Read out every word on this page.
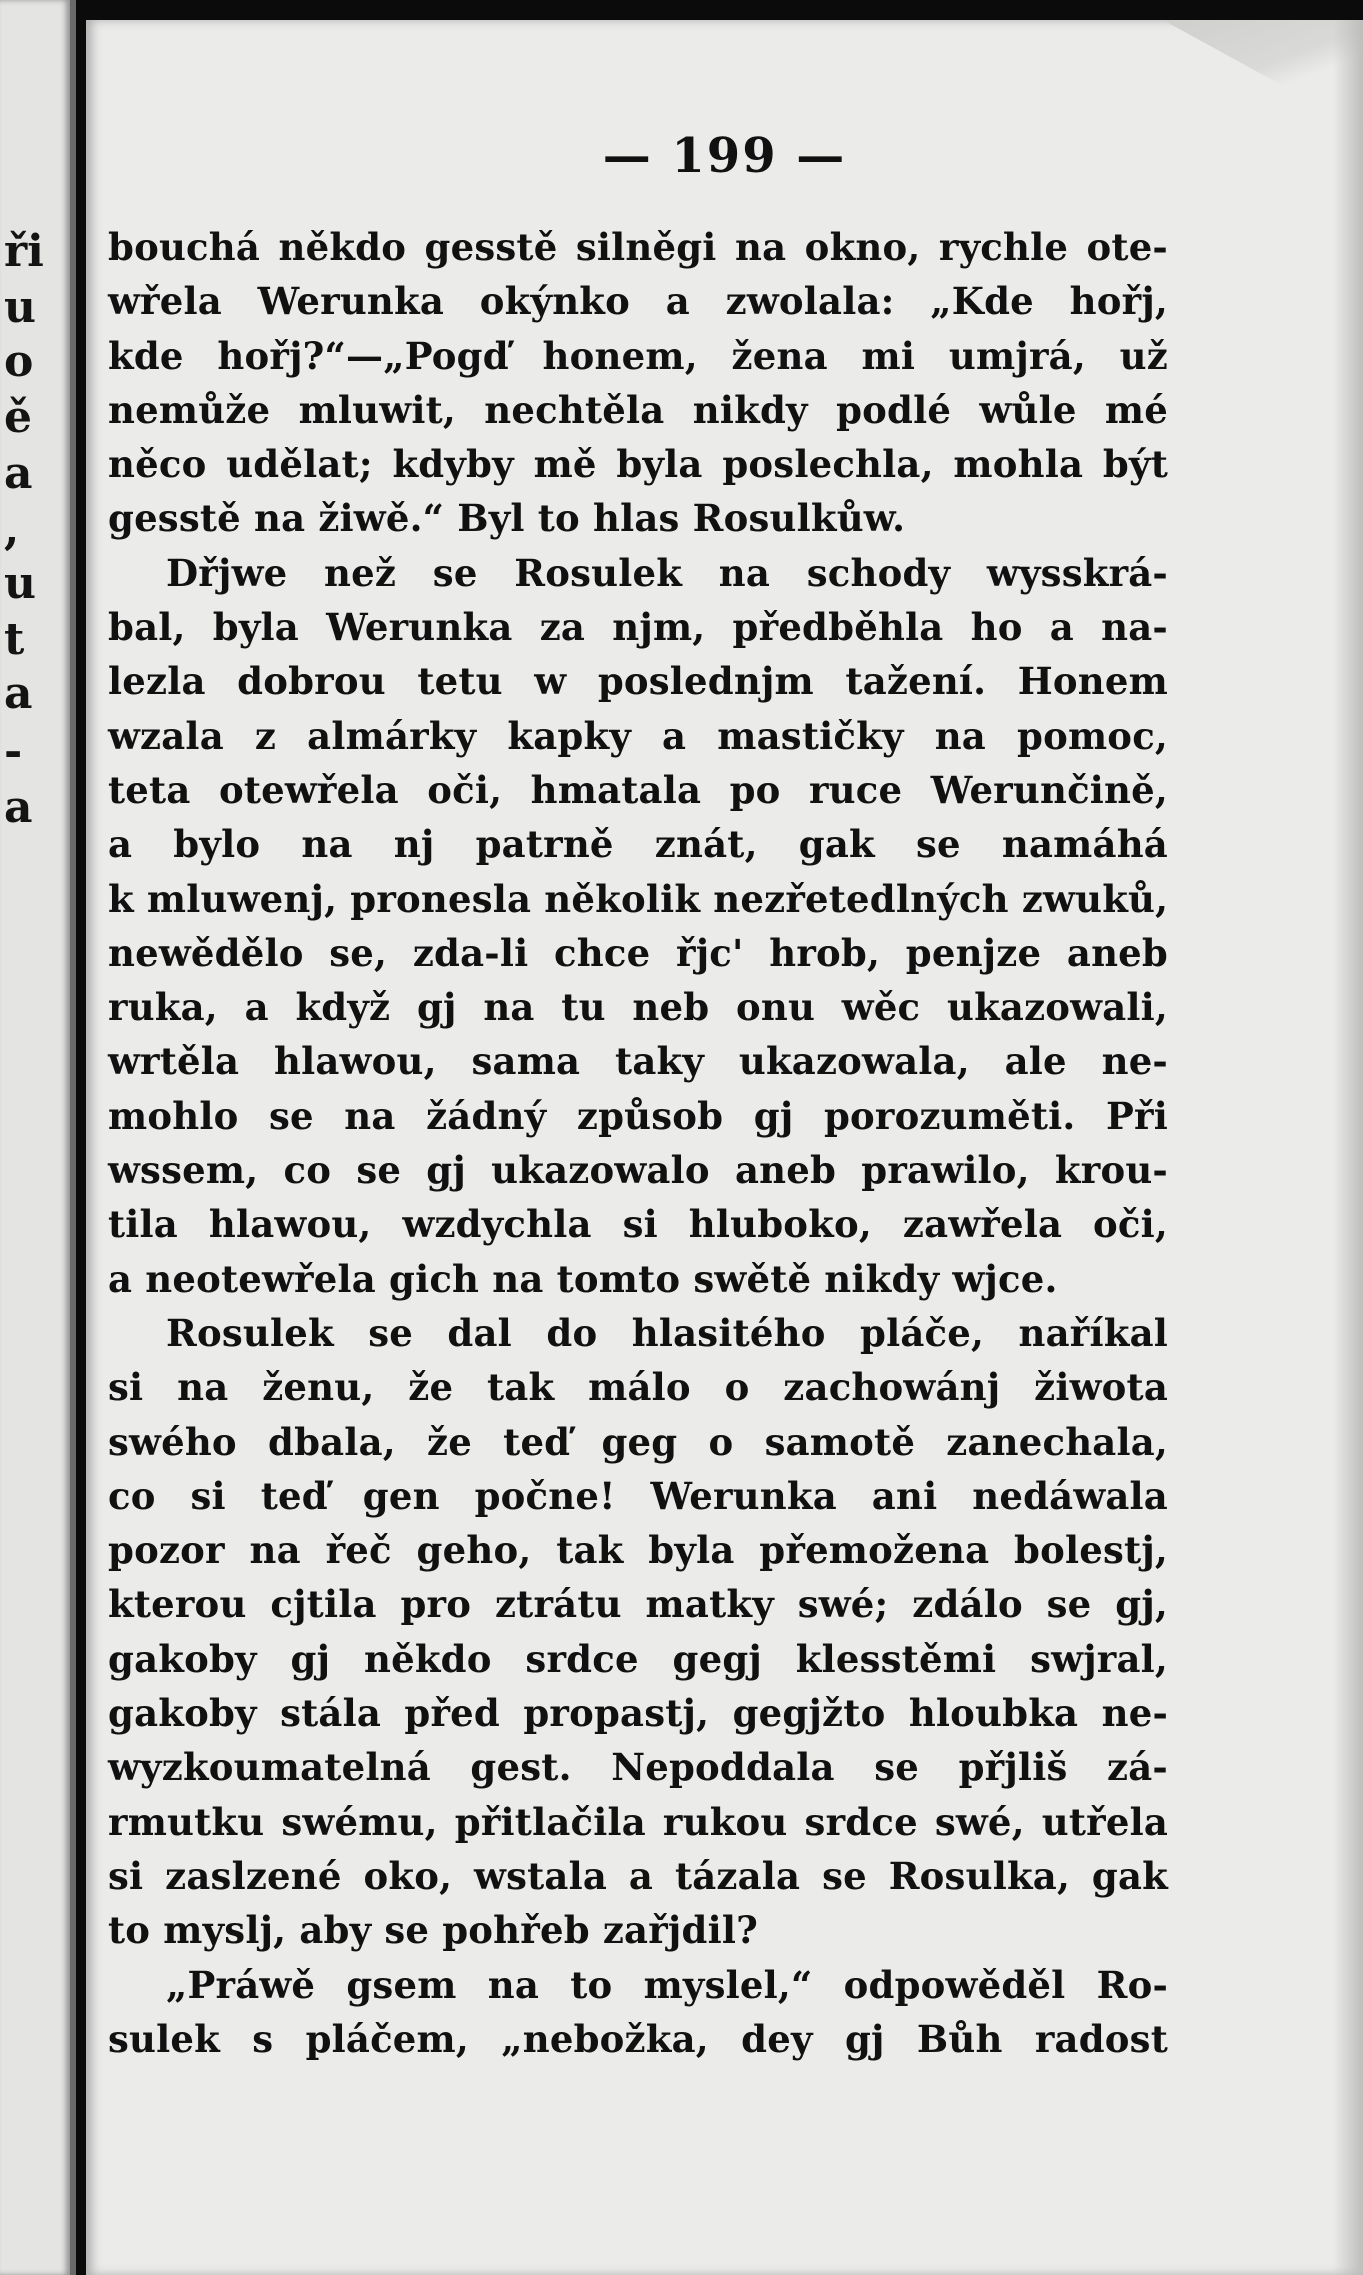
ři
u
o
ě
a
,
u
t
a
-
a
— 199 —
bouchá někdo gesstě silněgi na okno, rychle ote-
wřela Werunka okýnko a zwolala: „Kde hořj,
kde hořj?“—„Pogď honem, žena mi umjrá, už
nemůže mluwit, nechtěla nikdy podlé wůle mé
něco udělat; kdyby mě byla poslechla, mohla být
gesstě na žiwě.“ Byl to hlas Rosulkůw.
Dřjwe než se Rosulek na schody wysskrá-
bal, byla Werunka za njm, předběhla ho a na-
lezla dobrou tetu w poslednjm tažení. Honem
wzala z almárky kapky a mastičky na pomoc,
teta otewřela oči, hmatala po ruce Werunčině,
a bylo na nj patrně znát, gak se namáhá
k mluwenj, pronesla několik nezřetedlných zwuků,
newědělo se, zda-li chce řjc' hrob, penjze aneb
ruka, a když gj na tu neb onu wěc ukazowali,
wrtěla hlawou, sama taky ukazowala, ale ne-
mohlo se na žádný způsob gj porozuměti. Při
wssem, co se gj ukazowalo aneb prawilo, krou-
tila hlawou, wzdychla si hluboko, zawřela oči,
a neotewřela gich na tomto swětě nikdy wjce.
Rosulek se dal do hlasitého pláče, naříkal
si na ženu, že tak málo o zachowánj žiwota
swého dbala, že teď geg o samotě zanechala,
co si teď gen počne! Werunka ani nedáwala
pozor na řeč geho, tak byla přemožena bolestj,
kterou cjtila pro ztrátu matky swé; zdálo se gj,
gakoby gj někdo srdce gegj klesstěmi swjral,
gakoby stála před propastj, gegjžto hloubka ne-
wyzkoumatelná gest. Nepoddala se přjliš zá-
rmutku swému, přitlačila rukou srdce swé, utřela
si zaslzené oko, wstala a tázala se Rosulka, gak
to myslj, aby se pohřeb zařjdil?
„Práwě gsem na to myslel,“ odpowěděl Ro-
sulek s pláčem, „nebožka, dey gj Bůh radost
